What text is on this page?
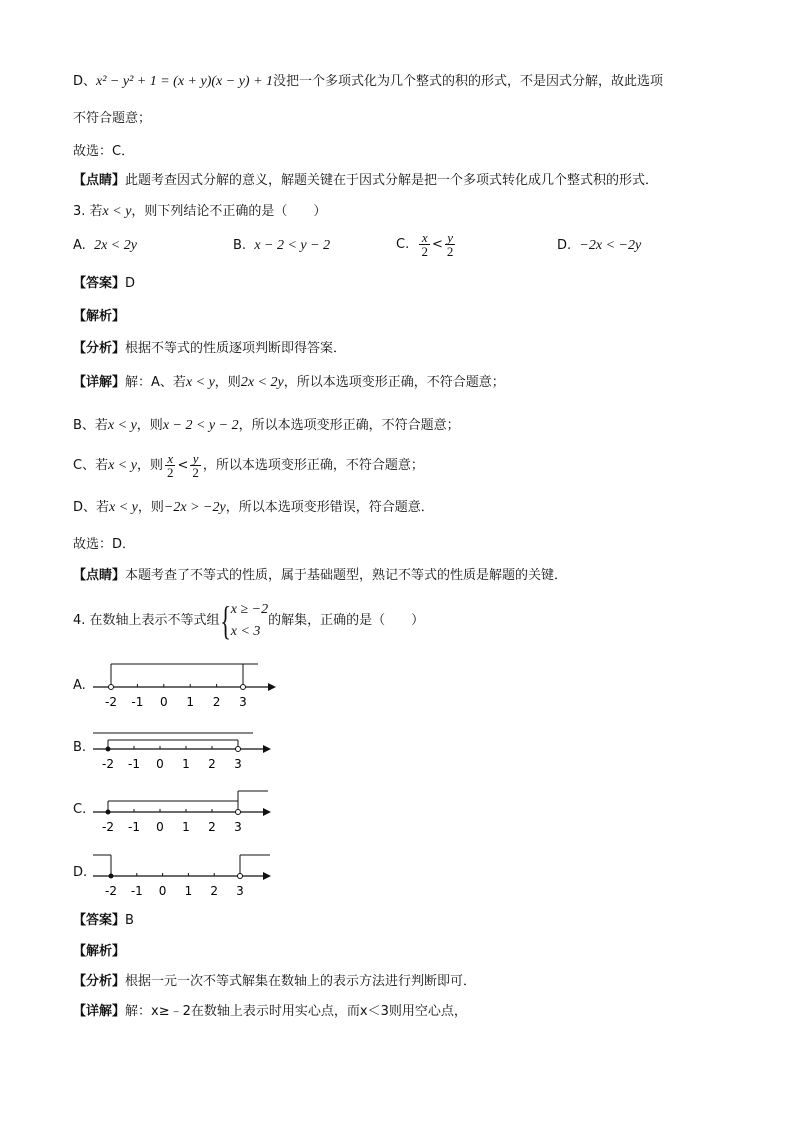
D、x² − y² + 1 = (x + y)(x − y) + 1没把一个多项式化为几个整式的积的形式，不是因式分解，故此选项
不符合题意；
故选：C．
【点睛】此题考查因式分解的意义，解题关键在于因式分解是把一个多项式转化成几个整式积的形式．
3. 若x < y，则下列结论不正确的是（　　）
A. 2x < 2y	B. x − 2 < y − 2	C. $\frac{x}{2} < \frac{y}{2}$	D. −2x < −2y
【答案】D
【解析】
【分析】根据不等式的性质逐项判断即得答案．
【详解】解：A、若x < y，则2x < 2y，所以本选项变形正确，不符合题意；
B、若x < y，则x − 2 < y − 2，所以本选项变形正确，不符合题意；
C、若x < y，则 $\frac{x}{2} < \frac{y}{2}$ ，所以本选项变形正确，不符合题意；
D、若x < y，则−2x > −2y，所以本选项变形错误，符合题意．
故选：D．
【点睛】本题考查了不等式的性质，属于基础题型，熟记不等式的性质是解题的关键．
4. 在数轴上表示不等式组{ x ≥ −2
x < 3
的解集，正确的是（　　）
A.
-2 -1 0 1 2 3
B.
-2 -1 0 1 2 3
C.
-2 -1 0 1 2 3
D.
-2 -1 0 1 2 3
【答案】B
【解析】
【分析】根据一元一次不等式解集在数轴上的表示方法进行判断即可．
【详解】解：x≥﹣2在数轴上表示时用实心点，而x＜3则用空心点，
